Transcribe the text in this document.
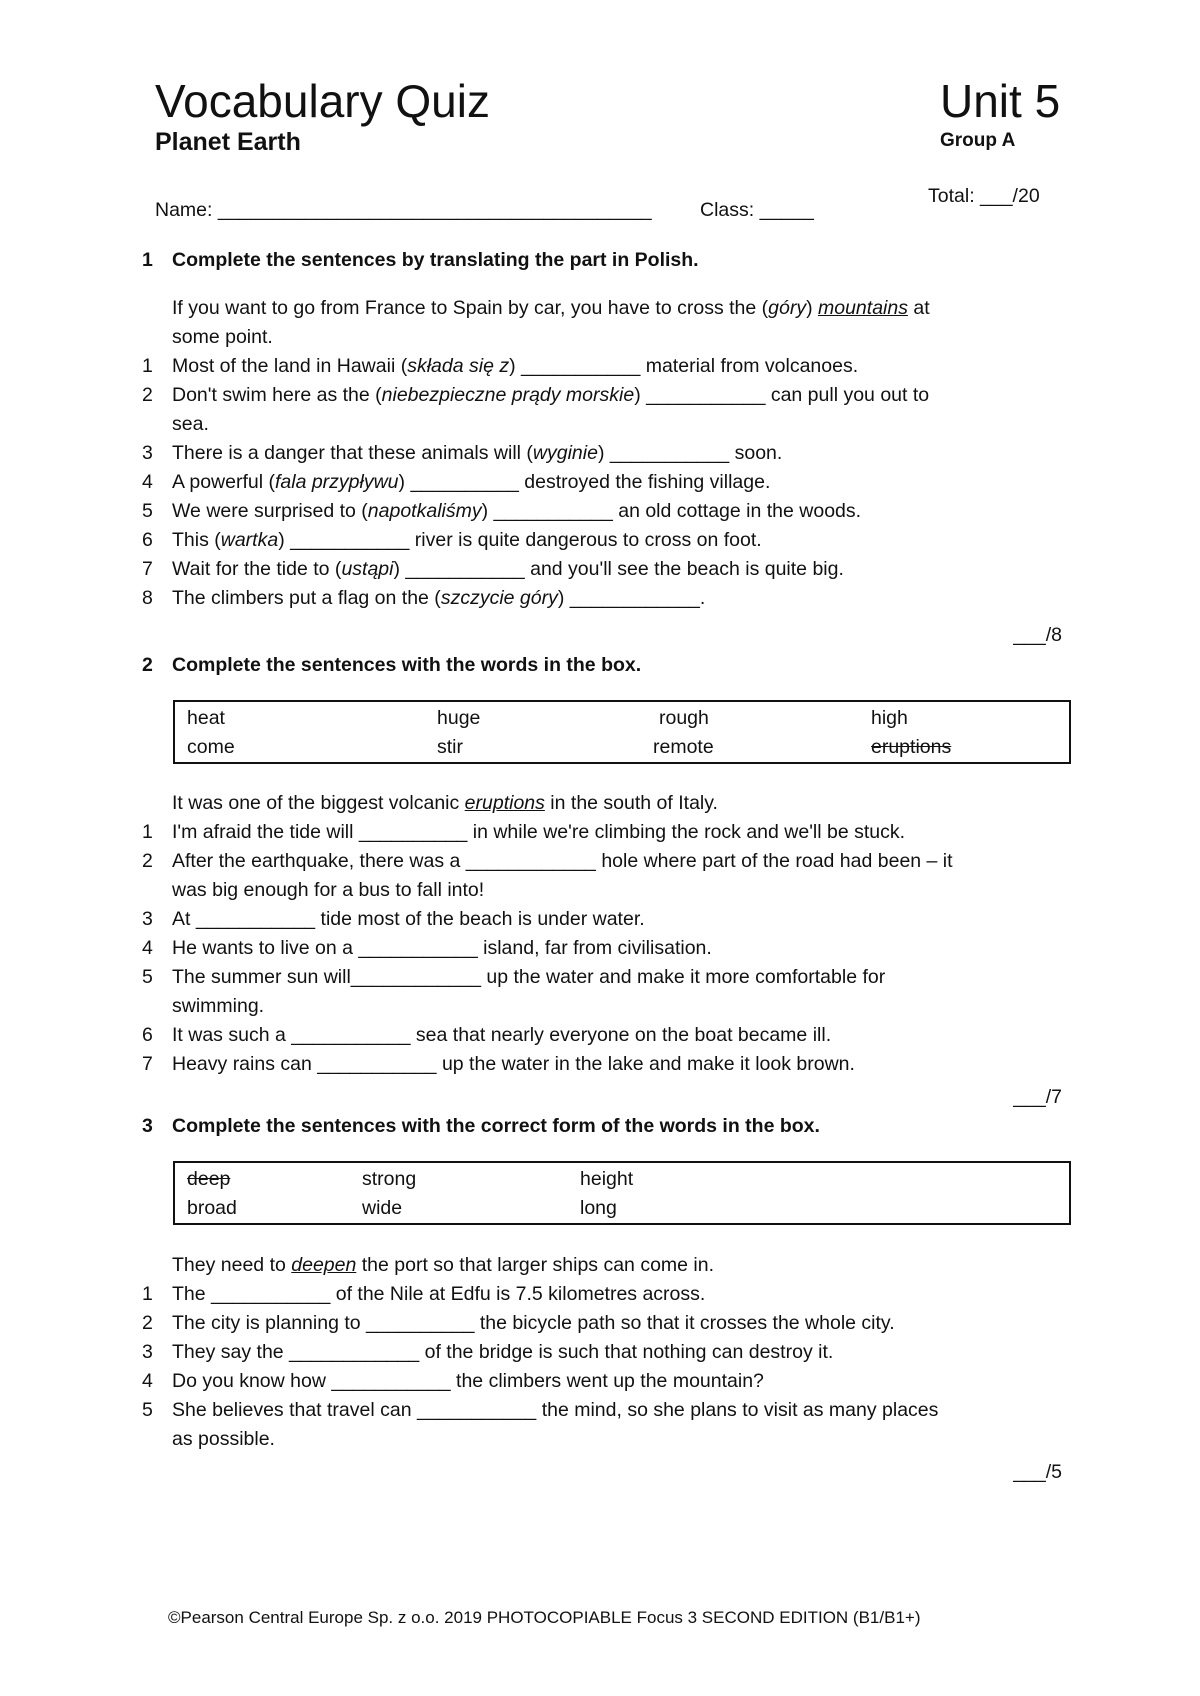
Vocabulary Quiz
Planet Earth
Unit 5
Group A
Name: ________________________________________ Class: _____
Total: ___/20
1 Complete the sentences by translating the part in Polish.
If you want to go from France to Spain by car, you have to cross the (góry) mountains at
some point.
1 Most of the land in Hawaii (składa się z) ___________ material from volcanoes.
2 Don't swim here as the (niebezpieczne prądy morskie) ___________ can pull you out to
sea.
3 There is a danger that these animals will (wyginie) ___________ soon.
4 A powerful (fala przypływu) __________ destroyed the fishing village.
5 We were surprised to (napotkaliśmy) ___________ an old cottage in the woods.
6 This (wartka) ___________ river is quite dangerous to cross on foot.
7 Wait for the tide to (ustąpi) ___________ and you'll see the beach is quite big.
8 The climbers put a flag on the (szczycie góry) ____________.
___/8
2 Complete the sentences with the words in the box.
heat	huge	rough	high
come	stir	remote	eruptions
It was one of the biggest volcanic eruptions in the south of Italy.
1 I'm afraid the tide will __________ in while we're climbing the rock and we'll be stuck.
2 After the earthquake, there was a ____________ hole where part of the road had been – it
was big enough for a bus to fall into!
3 At ___________ tide most of the beach is under water.
4 He wants to live on a ___________ island, far from civilisation.
5 The summer sun will____________ up the water and make it more comfortable for
swimming.
6 It was such a ___________ sea that nearly everyone on the boat became ill.
7 Heavy rains can ___________ up the water in the lake and make it look brown.
___/7
3 Complete the sentences with the correct form of the words in the box.
deep	strong	height
broad	wide	long
They need to deepen the port so that larger ships can come in.
1 The ___________ of the Nile at Edfu is 7.5 kilometres across.
2 The city is planning to __________ the bicycle path so that it crosses the whole city.
3 They say the ____________ of the bridge is such that nothing can destroy it.
4 Do you know how ___________ the climbers went up the mountain?
5 She believes that travel can ___________ the mind, so she plans to visit as many places
as possible.
___/5
©Pearson Central Europe Sp. z o.o. 2019 PHOTOCOPIABLE Focus 3 SECOND EDITION (B1/B1+)
